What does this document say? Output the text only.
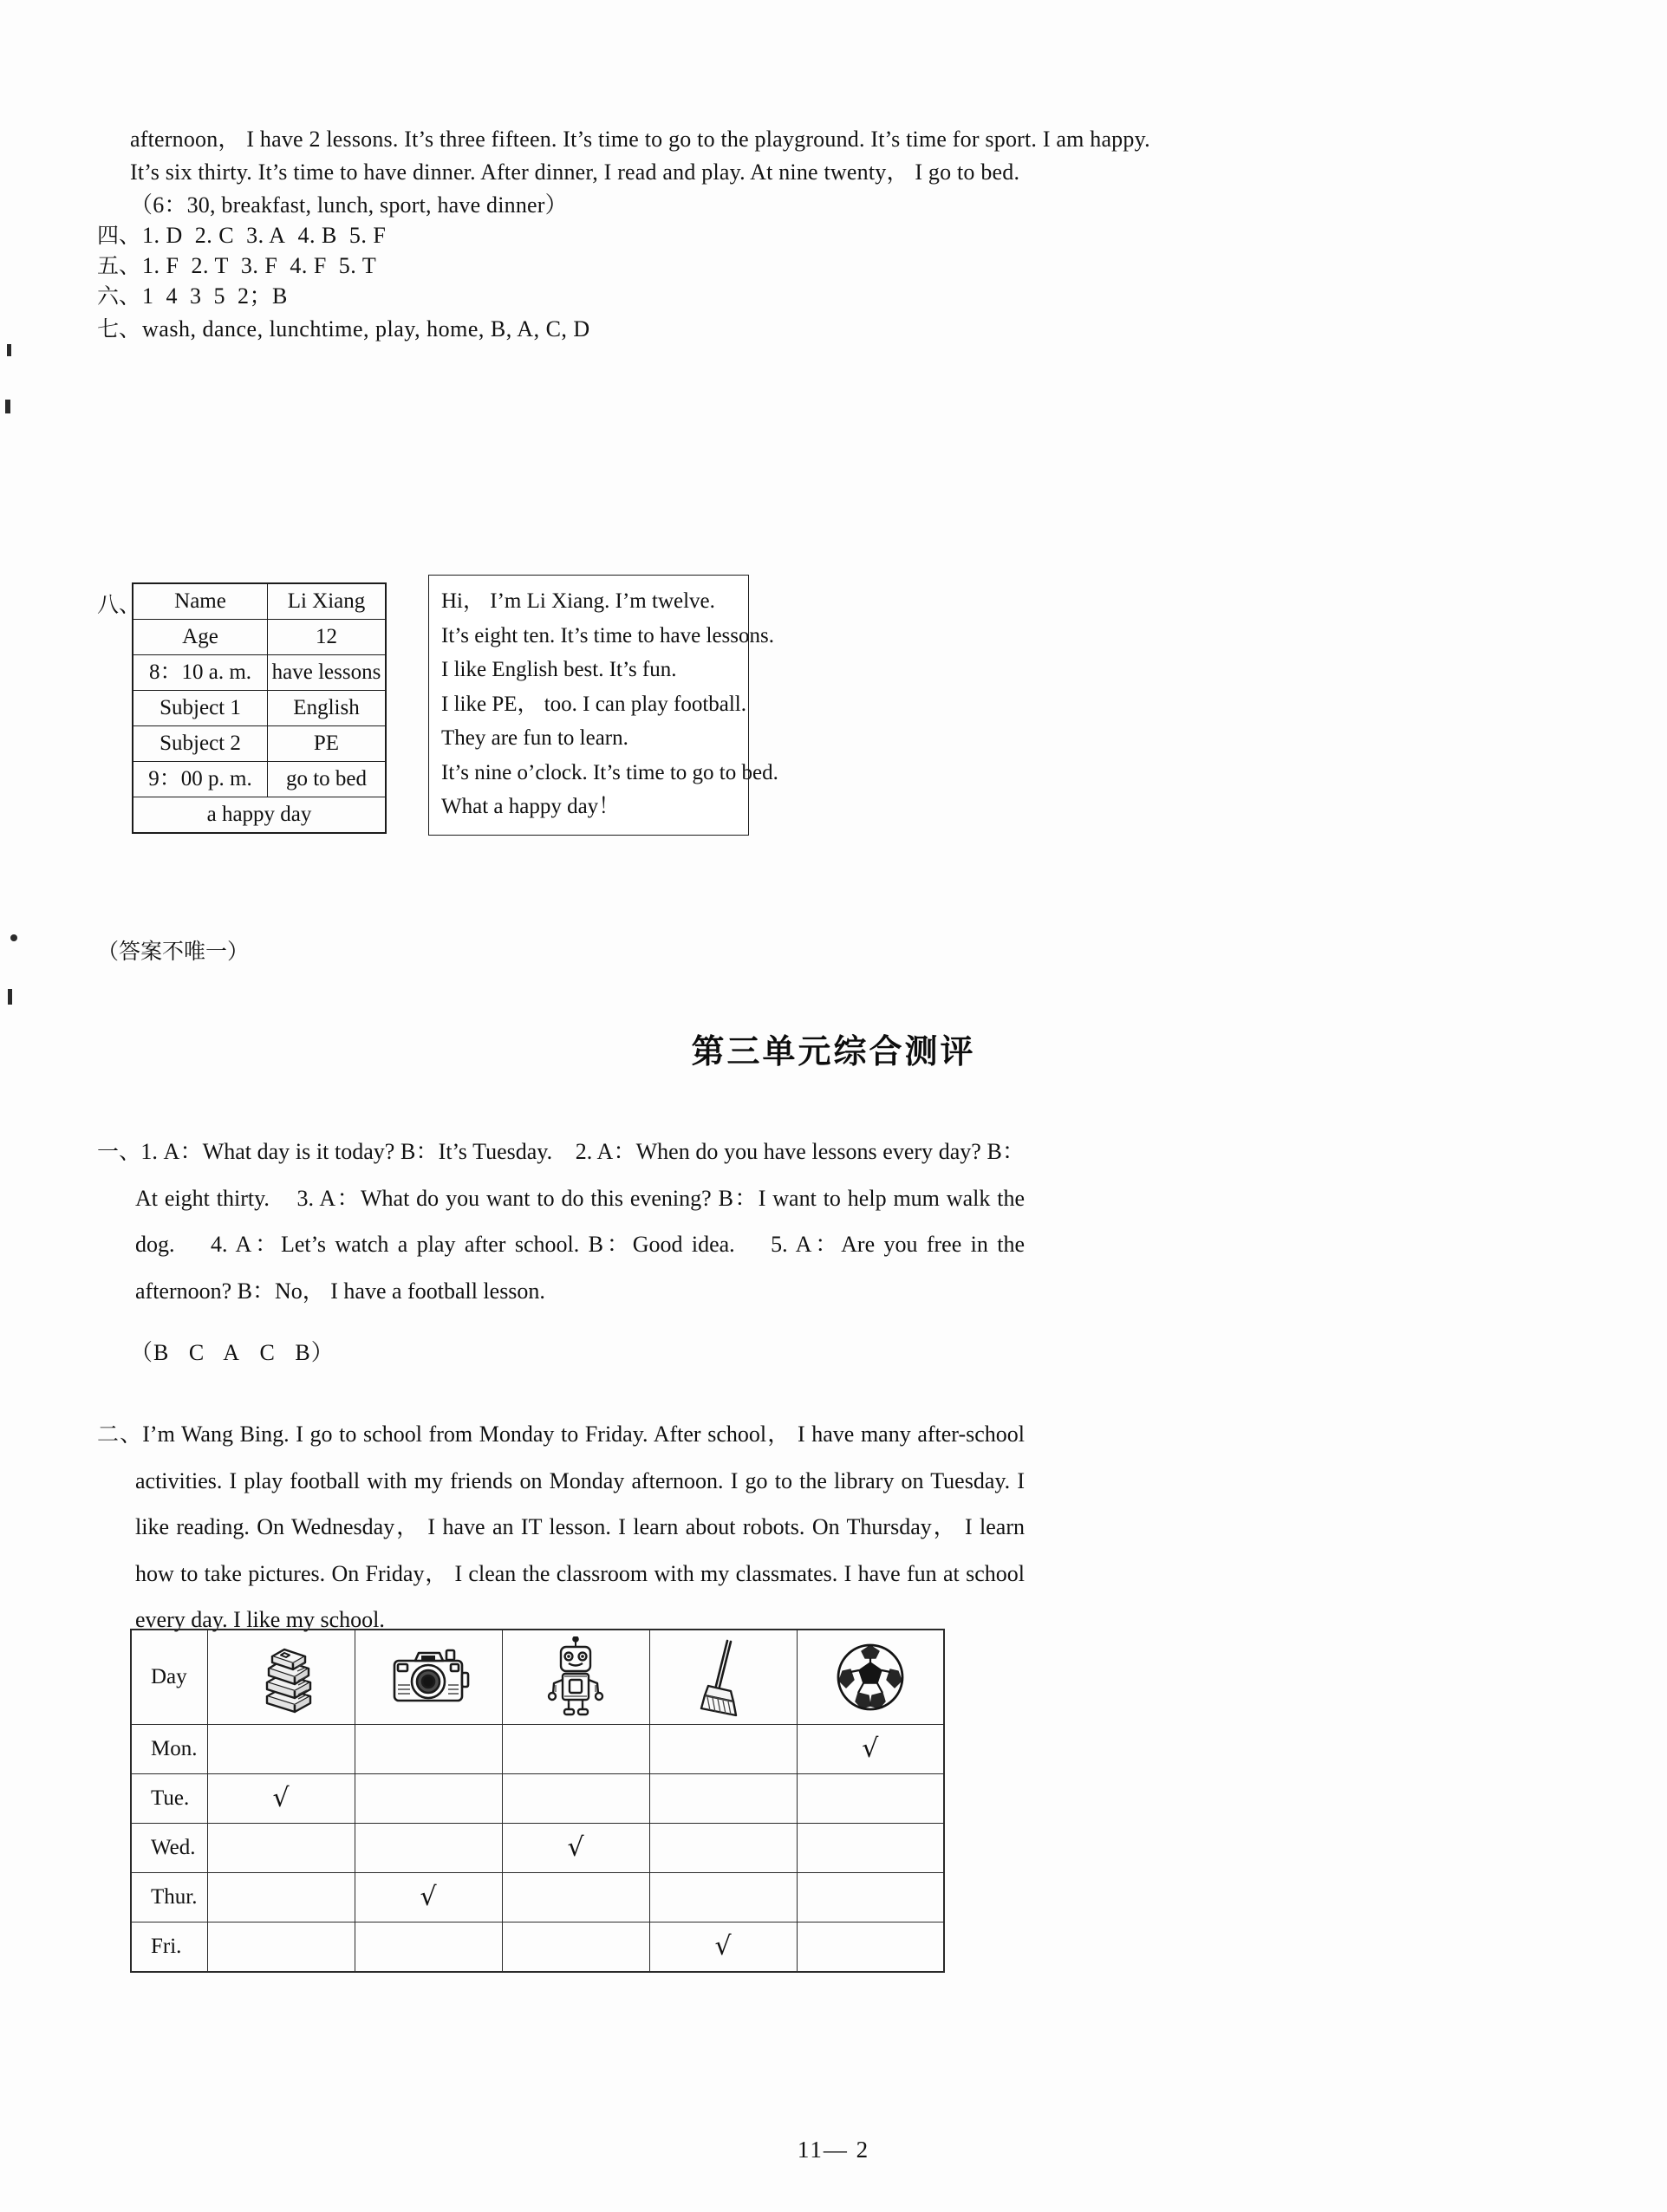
afternoon， I have 2 lessons. It’s three fifteen. It’s time to go to the playground. It’s time for sport. I am happy.
It’s six thirty. It’s time to have dinner. After dinner, I read and play. At nine twenty， I go to bed.
（6：30, breakfast, lunch, sport, have dinner）
四、 1. D  2. C  3. A  4. B  5. F
五、 1. F  2. T  3. F  4. F  5. T
六、 1  4  3  5  2；B
七、 wash, dance, lunchtime, play, home, B, A, C, D
八、 Name	Li Xiang
Age	12
8：10 a. m.	have lessons
Subject 1	English
Subject 2	PE
9：00 p. m.	go to bed
a happy day	
Hi， I’m Li Xiang. I’m twelve.
It’s eight ten. It’s time to have lessons.
I like English best. It’s fun.
I like PE， too. I can play football.
They are fun to learn.
It’s nine o’clock. It’s time to go to bed.
What a happy day！
（答案不唯一）
第三单元综合测评
一、1. A：What day is it today? B：It’s Tuesday.    2. A：When do you have lessons every day? B：At eight thirty.    3. A：What do you want to do this evening? B：I want to help mum walk the dog.    4. A：Let’s watch a play after school. B：Good idea.    5. A：Are you free in the afternoon? B：No， I have a football lesson.
（B   C   A   C   B）
二、I’m Wang Bing. I go to school from Monday to Friday. After school， I have many after-school activities. I play football with my friends on Monday afternoon. I go to the library on Tuesday. I like reading. On Wednesday， I have an IT lesson. I learn about robots. On Thursday， I learn how to take pictures. On Friday， I clean the classroom with my classmates. I have fun at school every day. I like my school.
Day	

Mon.					√
Tue.	√				
Wed.			√		
Thur.		√			
Fri.				√	
11— 2
